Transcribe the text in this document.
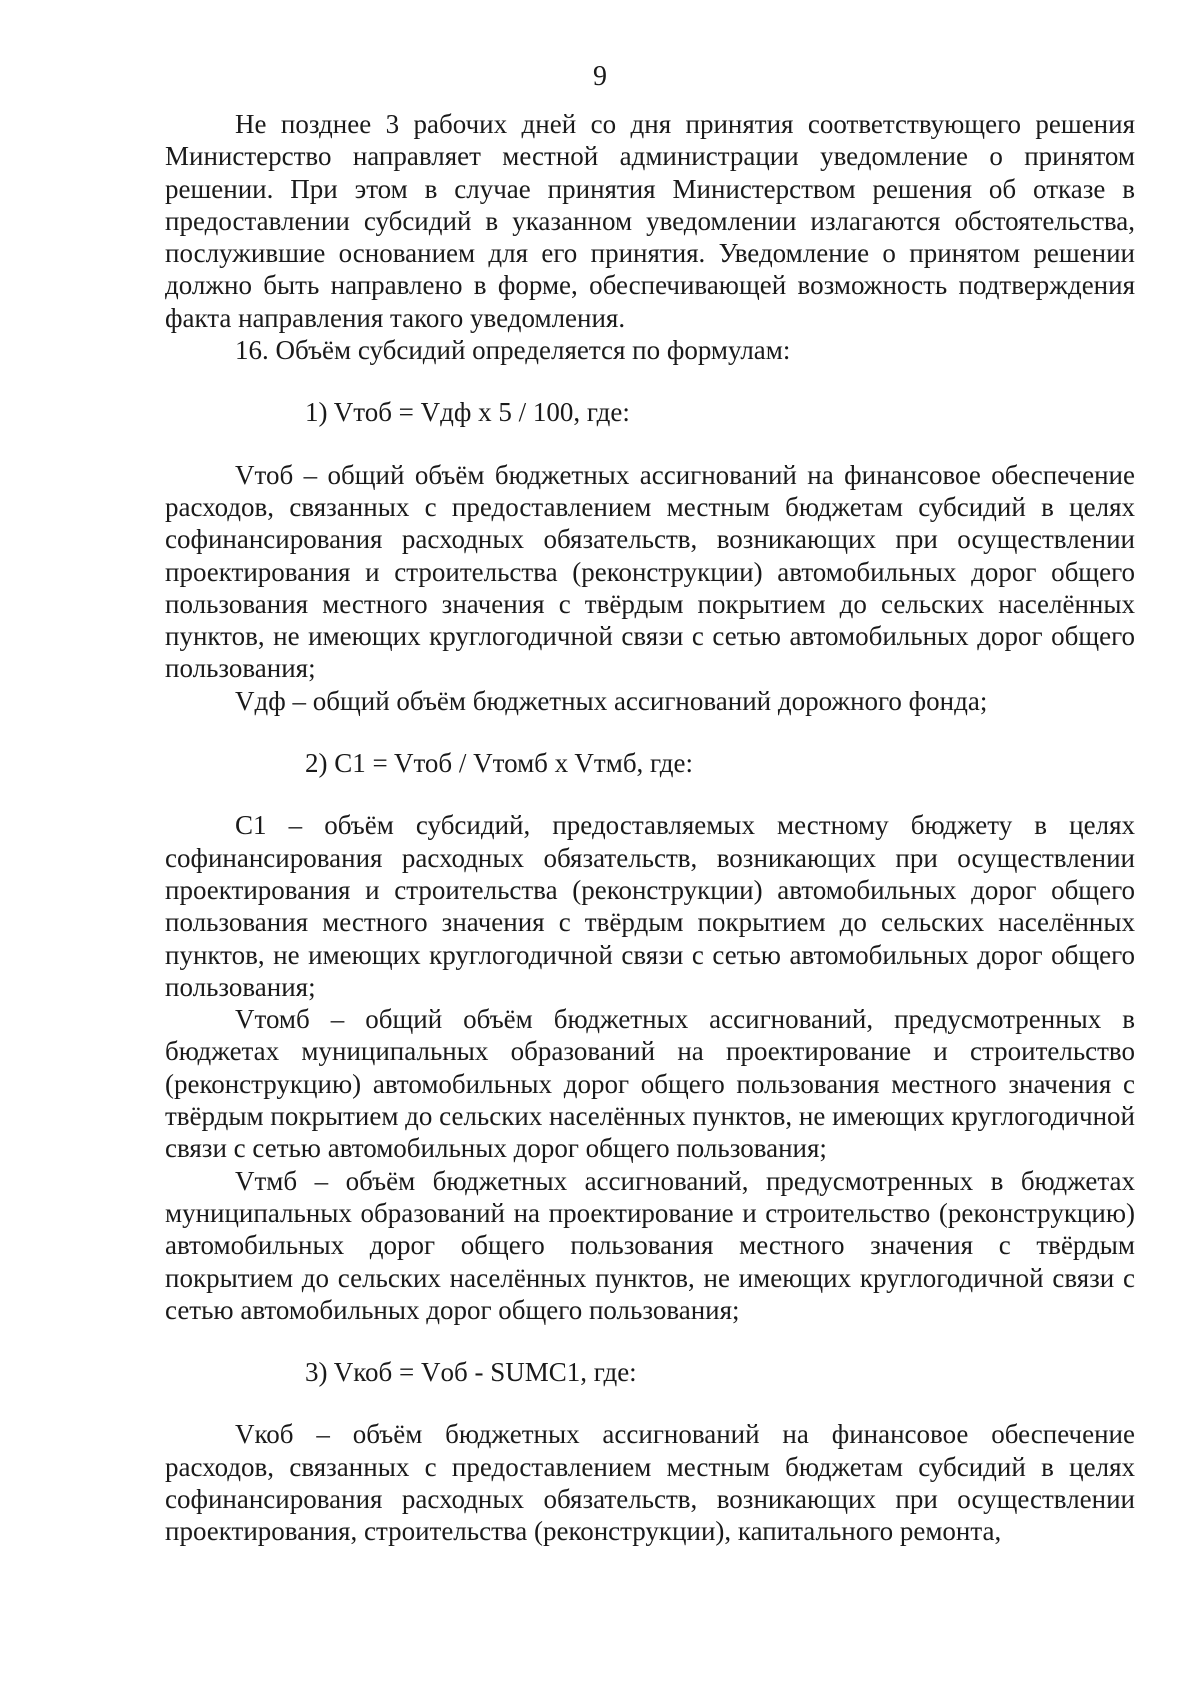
9

Не позднее 3 рабочих дней со дня принятия соответствующего решения Министерство направляет местной администрации уведомление о принятом решении. При этом в случае принятия Министерством решения об отказе в предоставлении субсидий в указанном уведомлении излагаются обстоятельства, послужившие основанием для его принятия. Уведомление о принятом решении должно быть направлено в форме, обеспечивающей возможность подтверждения факта направления такого уведомления.

16. Объём субсидий определяется по формулам:

1) Vтоб = Vдф x 5 / 100, где:

Vтоб – общий объём бюджетных ассигнований на финансовое обеспечение расходов, связанных с предоставлением местным бюджетам субсидий в целях софинансирования расходных обязательств, возникающих при осуществлении проектирования и строительства (реконструкции) автомобильных дорог общего пользования местного значения с твёрдым покрытием до сельских населённых пунктов, не имеющих круглогодичной связи с сетью автомобильных дорог общего пользования;

Vдф – общий объём бюджетных ассигнований дорожного фонда;

2) C1 = Vтоб / Vтомб x Vтмб, где:

C1 – объём субсидий, предоставляемых местному бюджету в целях софинансирования расходных обязательств, возникающих при осуществлении проектирования и строительства (реконструкции) автомобильных дорог общего пользования местного значения с твёрдым покрытием до сельских населённых пунктов, не имеющих круглогодичной связи с сетью автомобильных дорог общего пользования;

Vтомб – общий объём бюджетных ассигнований, предусмотренных в бюджетах муниципальных образований на проектирование и строительство (реконструкцию) автомобильных дорог общего пользования местного значения с твёрдым покрытием до сельских населённых пунктов, не имеющих круглогодичной связи с сетью автомобильных дорог общего пользования;

Vтмб – объём бюджетных ассигнований, предусмотренных в бюджетах муниципальных образований на проектирование и строительство (реконструкцию) автомобильных дорог общего пользования местного значения с твёрдым покрытием до сельских населённых пунктов, не имеющих круглогодичной связи с сетью автомобильных дорог общего пользования;

3) Vкоб = Vоб - SUMC1, где:

Vкоб – объём бюджетных ассигнований на финансовое обеспечение расходов, связанных с предоставлением местным бюджетам субсидий в целях софинансирования расходных обязательств, возникающих при осуществлении проектирования, строительства (реконструкции), капитального ремонта,
